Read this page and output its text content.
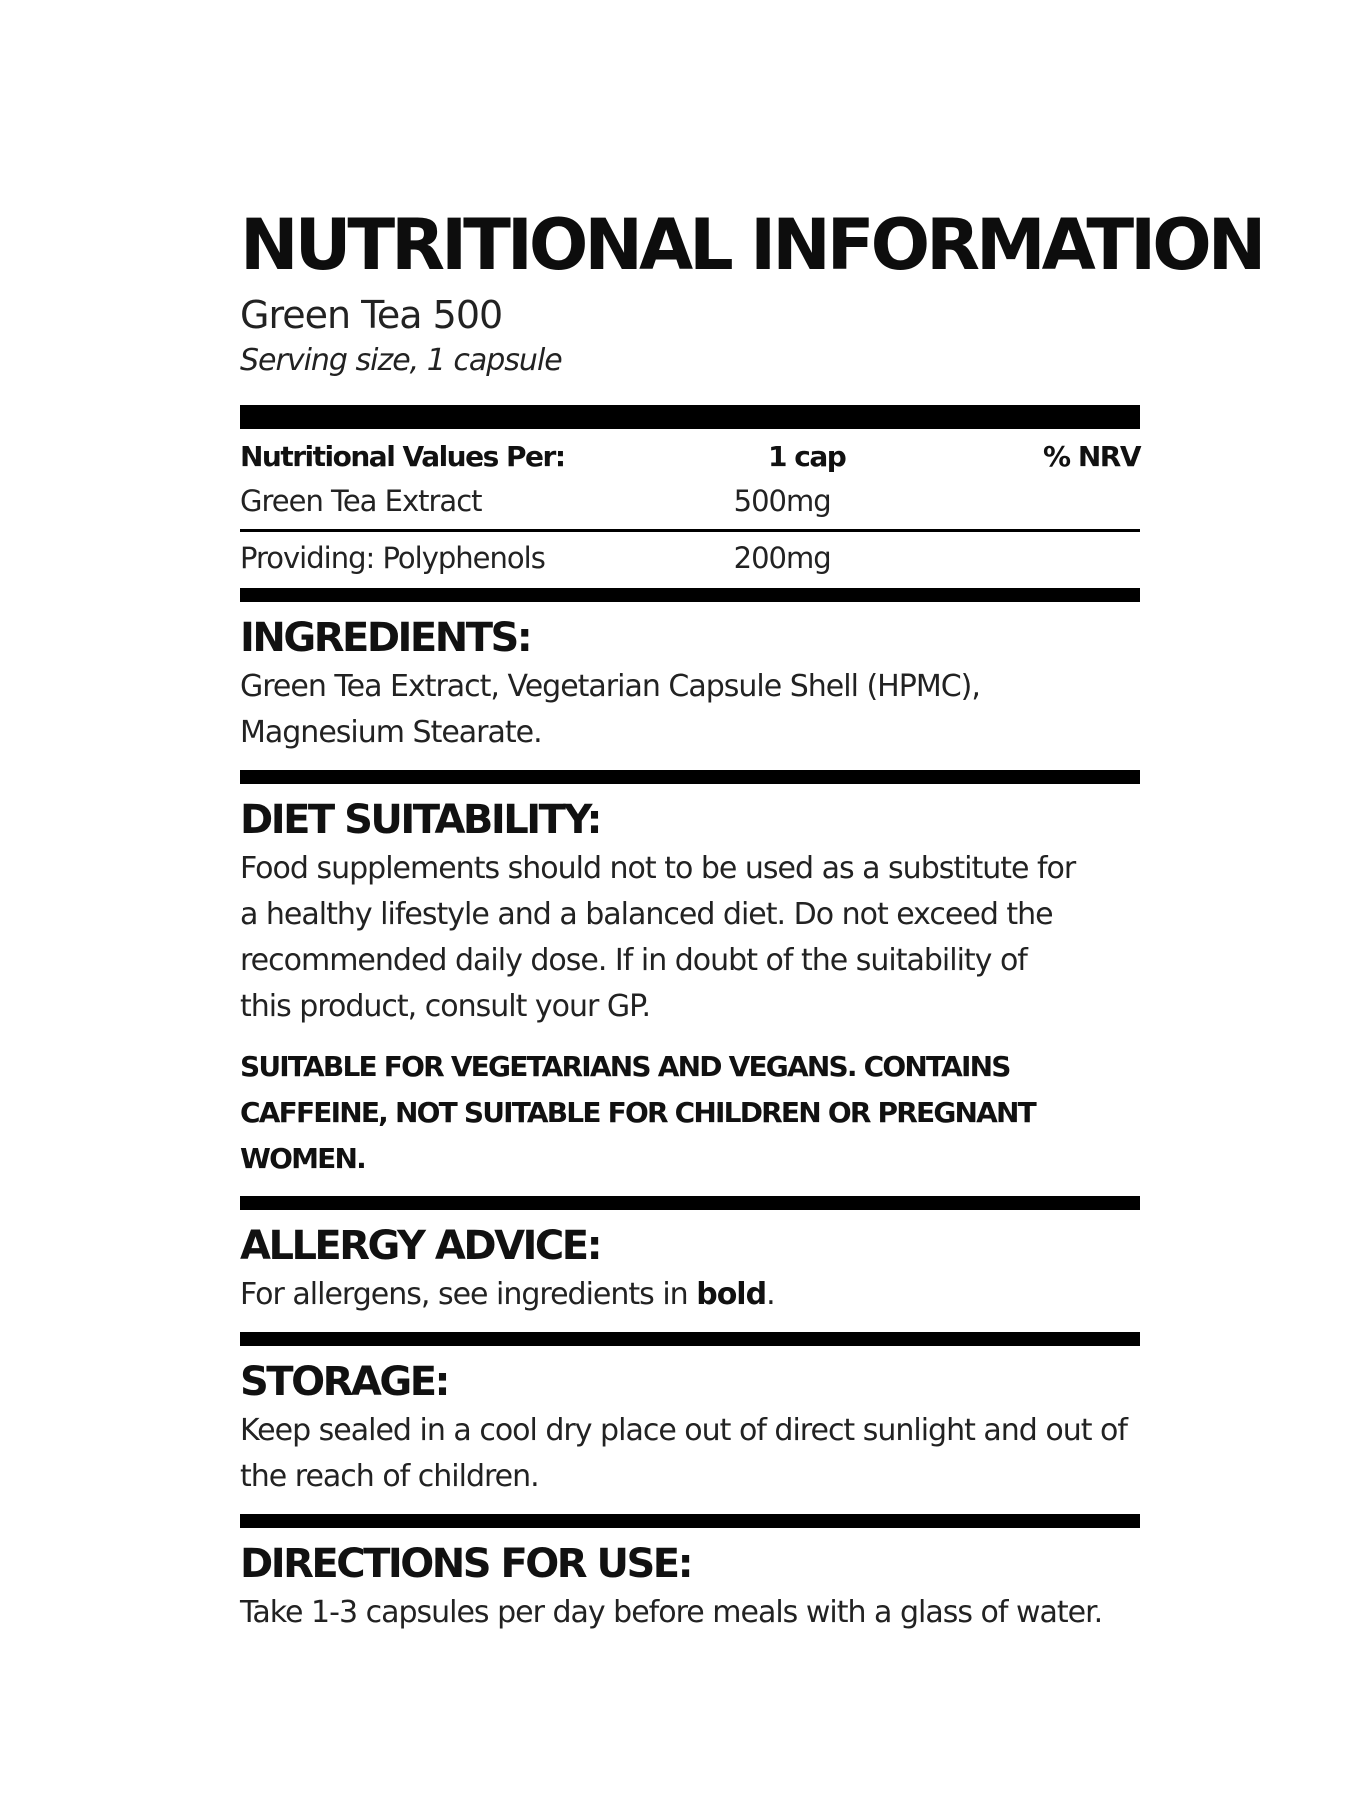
NUTRITIONAL INFORMATION
Green Tea 500
Serving size, 1 capsule
Nutritional Values Per:	1 cap	% NRV
Green Tea Extract	500mg
Providing: Polyphenols	200mg
INGREDIENTS:
Green Tea Extract, Vegetarian Capsule Shell (HPMC), Magnesium Stearate.
DIET SUITABILITY:
Food supplements should not to be used as a substitute for a healthy lifestyle and a balanced diet. Do not exceed the recommended daily dose. If in doubt of the suitability of this product, consult your GP.
SUITABLE FOR VEGETARIANS AND VEGANS. CONTAINS CAFFEINE, NOT SUITABLE FOR CHILDREN OR PREGNANT WOMEN.
ALLERGY ADVICE:
For allergens, see ingredients in bold.
STORAGE:
Keep sealed in a cool dry place out of direct sunlight and out of the reach of children.
DIRECTIONS FOR USE:
Take 1-3 capsules per day before meals with a glass of water.
